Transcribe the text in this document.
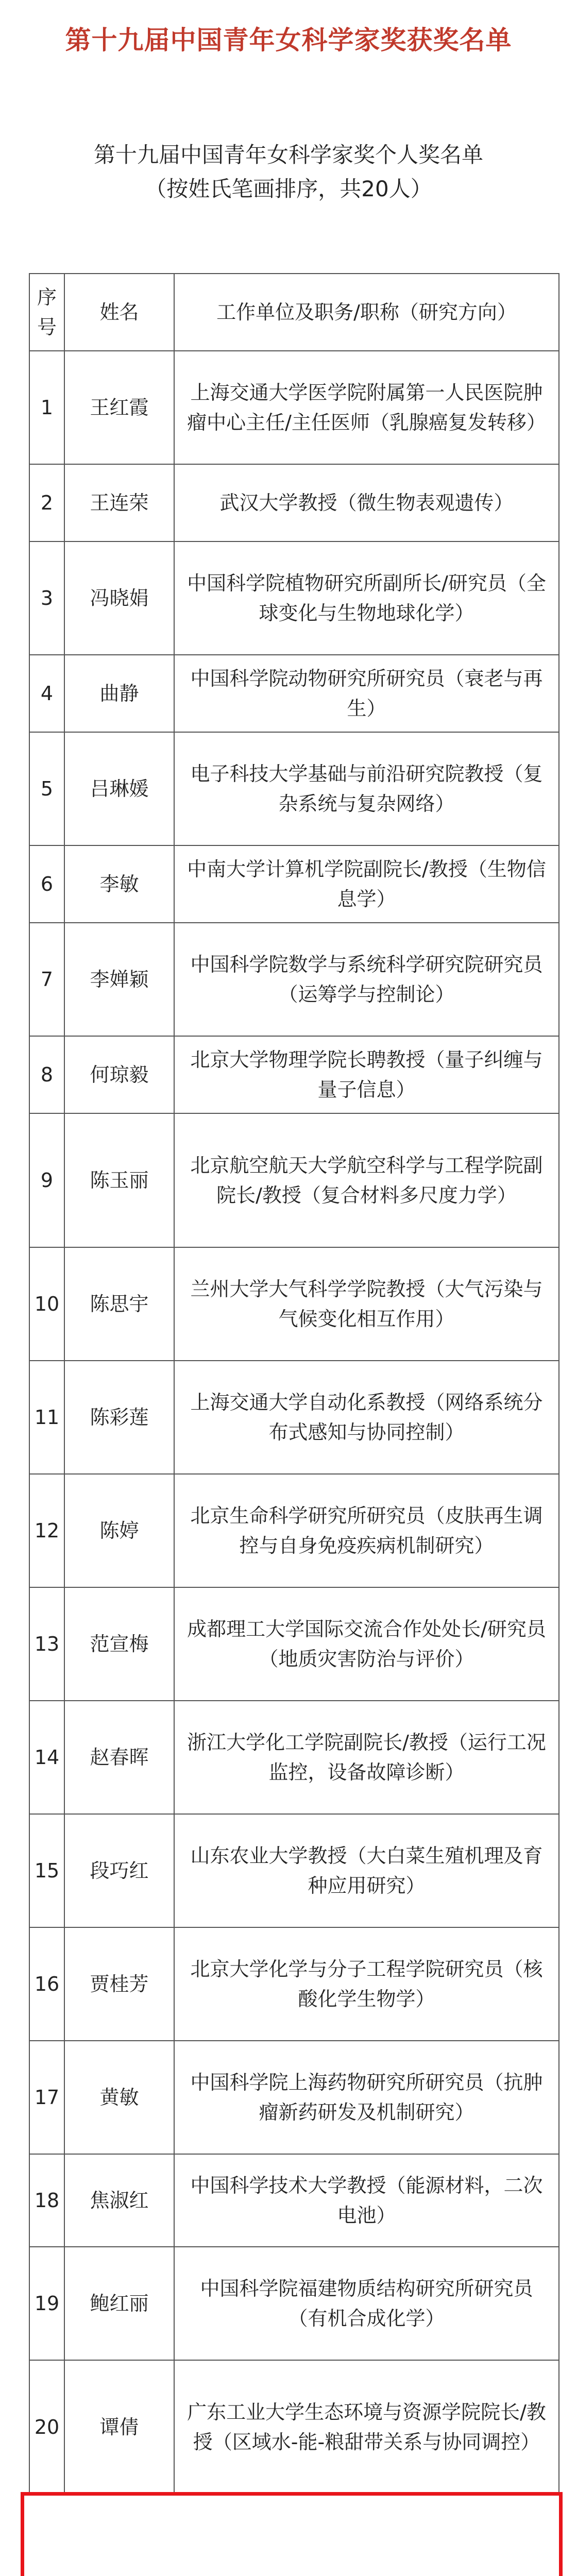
第十九届中国青年女科学家奖获奖名单
第十九届中国青年女科学家奖个人奖名单
（按姓氏笔画排序，共20人）
序号	姓名	工作单位及职务/职称（研究方向）
1	王红霞	上海交通大学医学院附属第一人民医院肿瘤中心主任/主任医师（乳腺癌复发转移）
2	王连荣	武汉大学教授（微生物表观遗传）
3	冯晓娟	中国科学院植物研究所副所长/研究员（全球变化与生物地球化学）
4	曲静	中国科学院动物研究所研究员（衰老与再生）
5	吕琳媛	电子科技大学基础与前沿研究院教授（复杂系统与复杂网络）
6	李敏	中南大学计算机学院副院长/教授（生物信息学）
7	李婵颖	中国科学院数学与系统科学研究院研究员（运筹学与控制论）
8	何琼毅	北京大学物理学院长聘教授（量子纠缠与量子信息）
9	陈玉丽	北京航空航天大学航空科学与工程学院副院长/教授（复合材料多尺度力学）
10	陈思宇	兰州大学大气科学学院教授（大气污染与气候变化相互作用）
11	陈彩莲	上海交通大学自动化系教授（网络系统分布式感知与协同控制）
12	陈婷	北京生命科学研究所研究员（皮肤再生调控与自身免疫疾病机制研究）
13	范宣梅	成都理工大学国际交流合作处处长/研究员（地质灾害防治与评价）
14	赵春晖	浙江大学化工学院副院长/教授（运行工况监控，设备故障诊断）
15	段巧红	山东农业大学教授（大白菜生殖机理及育种应用研究）
16	贾桂芳	北京大学化学与分子工程学院研究员（核酸化学生物学）
17	黄敏	中国科学院上海药物研究所研究员（抗肿瘤新药研发及机制研究）
18	焦淑红	中国科学技术大学教授（能源材料，二次电池）
19	鲍红丽	中国科学院福建物质结构研究所研究员（有机合成化学）
20	谭倩	广东工业大学生态环境与资源学院院长/教授（区域水-能-粮甜带关系与协同调控）
